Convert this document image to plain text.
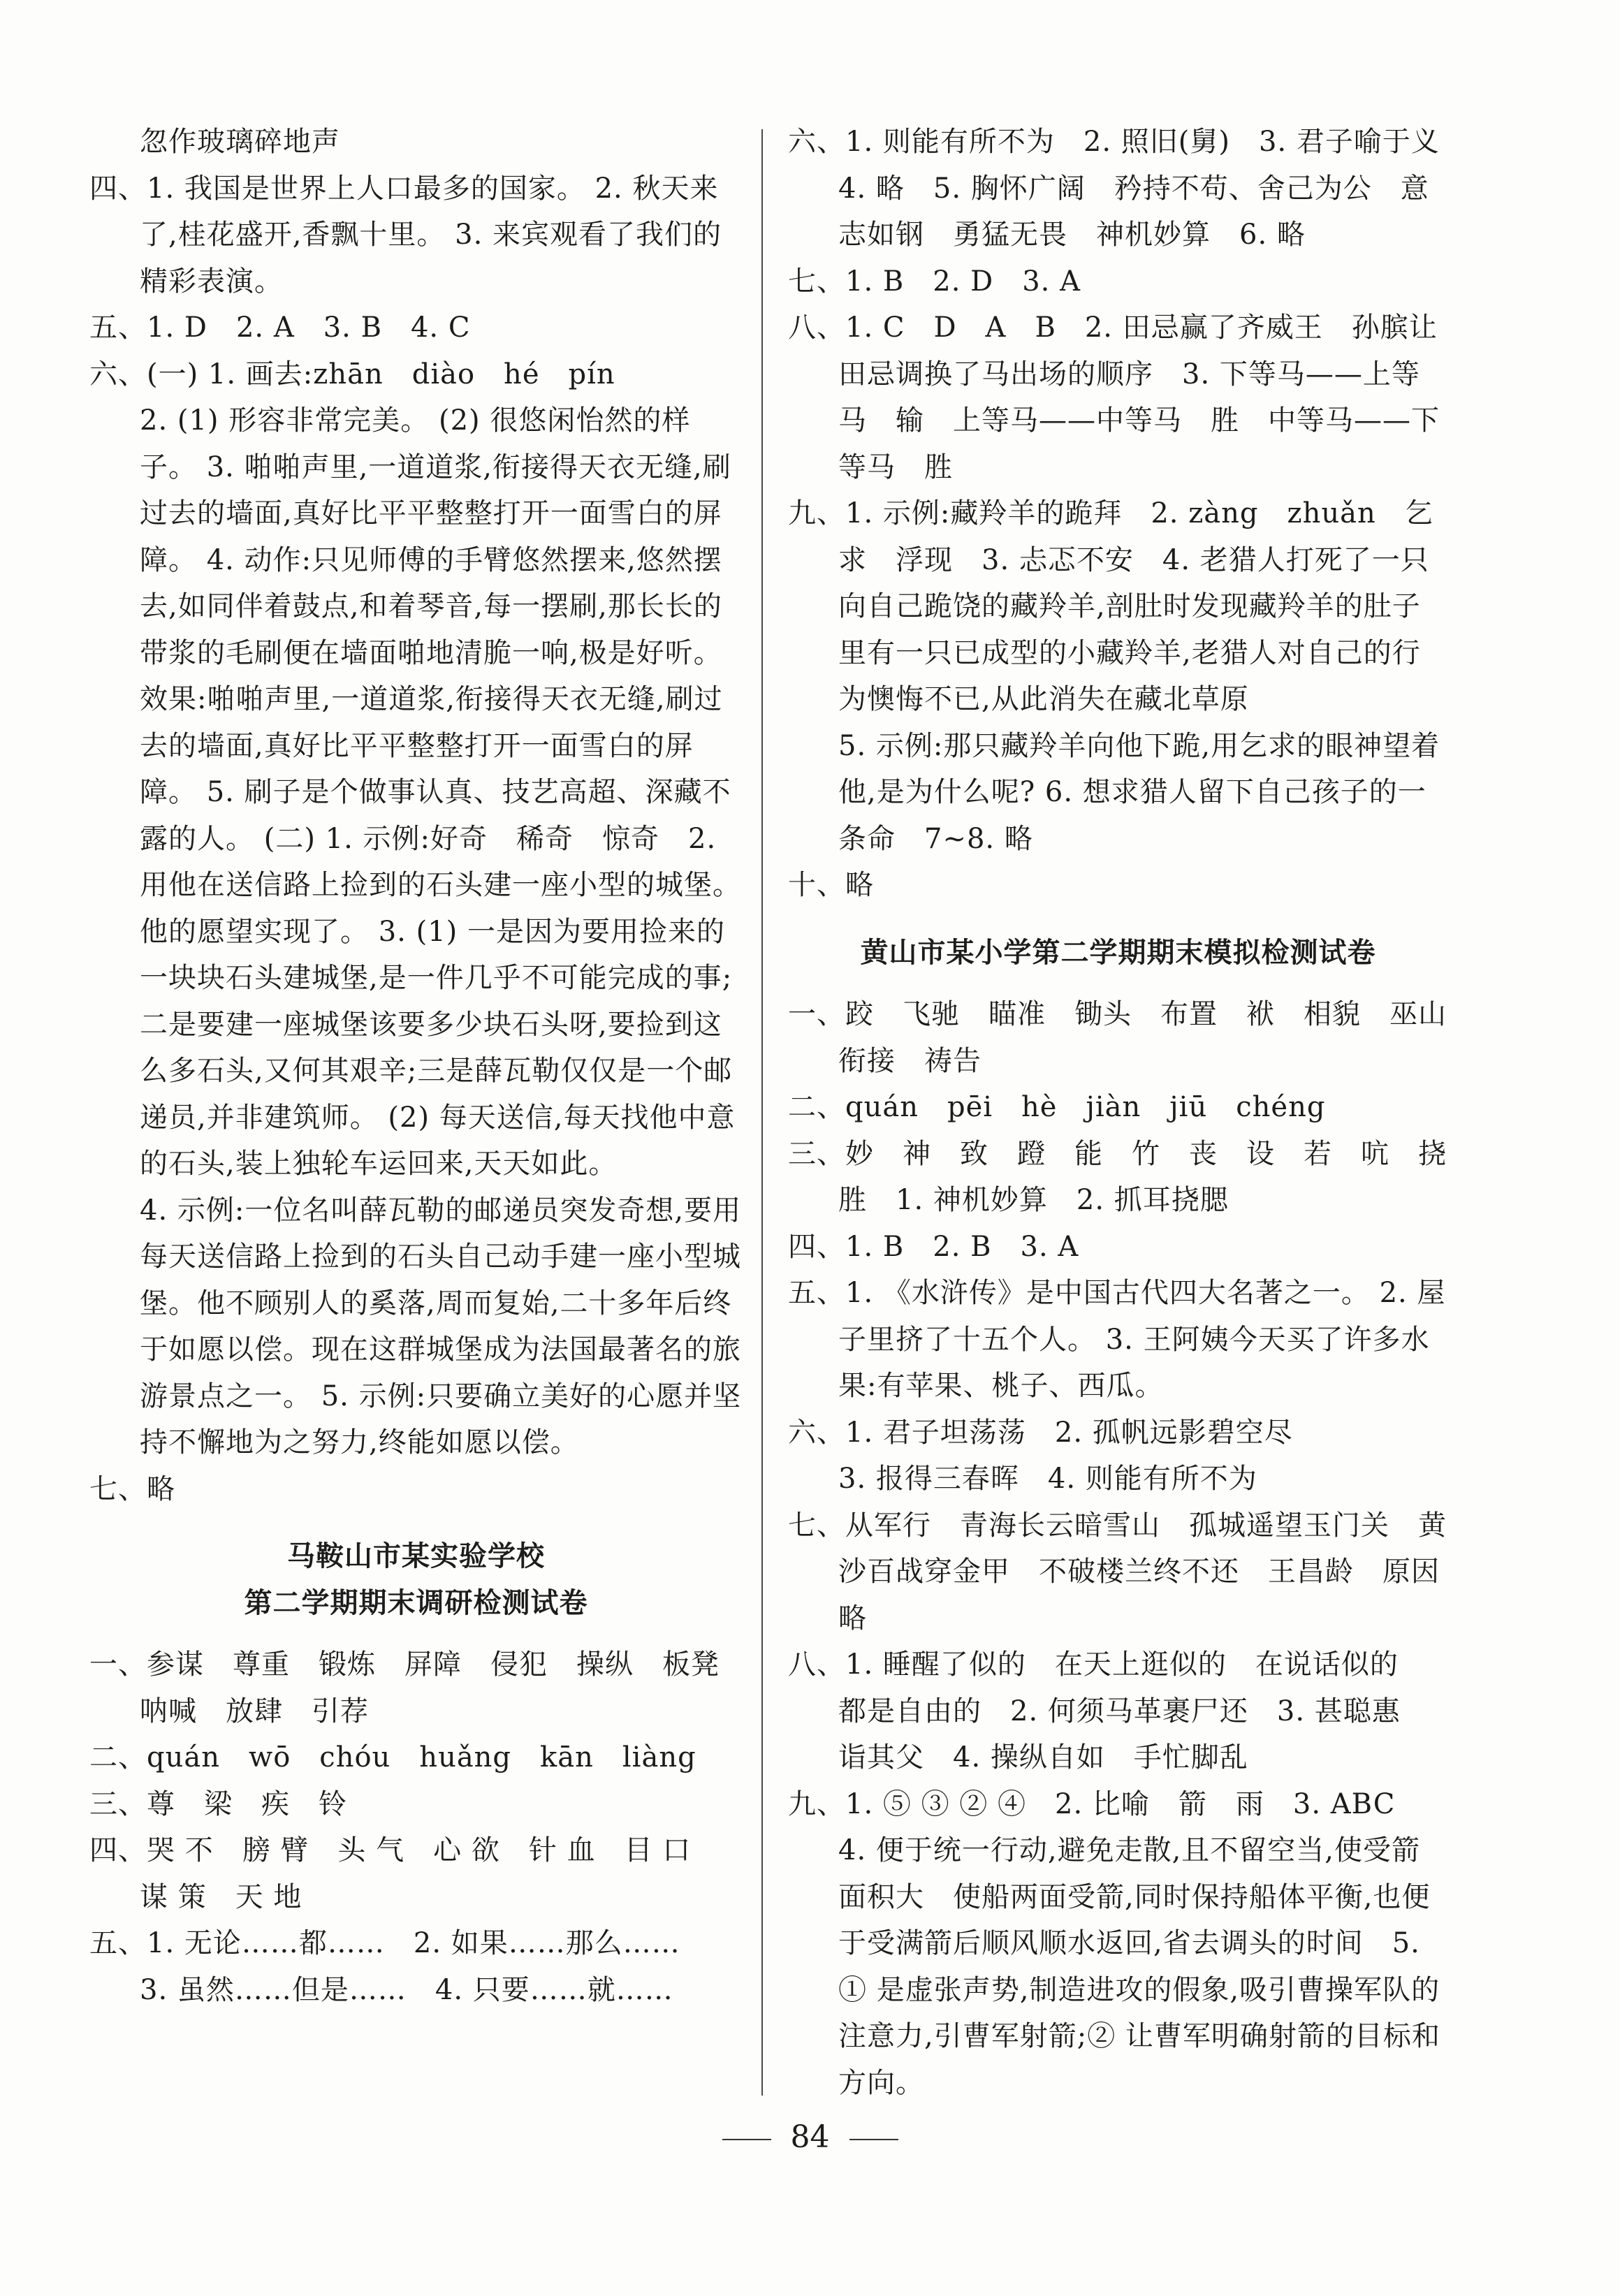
忽作玻璃碎地声

四、1. 我国是世界上人口最多的国家。 2. 秋天来了,桂花盛开,香飘十里。 3. 来宾观看了我们的精彩表演。

五、1. D　2. A　3. B　4. C

六、(一) 1. 画去:zhān　diào　hé　pín

2. (1) 形容非常完美。 (2) 很悠闲怡然的样子。 3. 啪啪声里,一道道浆,衔接得天衣无缝,刷过去的墙面,真好比平平整整打开一面雪白的屏障。 4. 动作:只见师傅的手臂悠然摆来,悠然摆去,如同伴着鼓点,和着琴音,每一摆刷,那长长的带浆的毛刷便在墙面啪地清脆一响,极是好听。 效果:啪啪声里,一道道浆,衔接得天衣无缝,刷过去的墙面,真好比平平整整打开一面雪白的屏障。 5. 刷子是个做事认真、技艺高超、深藏不露的人。 (二) 1. 示例:好奇　稀奇　惊奇　2. 用他在送信路上捡到的石头建一座小型的城堡。 他的愿望实现了。 3. (1) 一是因为要用捡来的一块块石头建城堡,是一件几乎不可能完成的事;二是要建一座城堡该要多少块石头呀,要捡到这么多石头,又何其艰辛;三是薛瓦勒仅仅是一个邮递员,并非建筑师。 (2) 每天送信,每天找他中意的石头,装上独轮车运回来,天天如此。

4. 示例:一位名叫薛瓦勒的邮递员突发奇想,要用每天送信路上捡到的石头自己动手建一座小型城堡。他不顾别人的奚落,周而复始,二十多年后终于如愿以偿。现在这群城堡成为法国最著名的旅游景点之一。 5. 示例:只要确立美好的心愿并坚持不懈地为之努力,终能如愿以偿。

七、略

马鞍山市某实验学校

第二学期期末调研检测试卷

一、参谋　尊重　锻炼　屏障　侵犯　操纵　板凳　呐喊　放肆　引荐

二、quán　wō　chóu　huǎng　kān　liàng

三、尊　梁　疾　铃

四、哭 不　膀 臂　头 气　心 欲　针 血　目 口　谋 策　天 地

五、1. 无论……都……　2. 如果……那么……

3. 虽然……但是……　4. 只要……就……

六、1. 则能有所不为　2. 照旧(舅)　3. 君子喻于义　4. 略　5. 胸怀广阔　矜持不苟、舍己为公　意志如钢　勇猛无畏　神机妙算　6. 略

七、1. B　2. D　3. A

八、1. C　D　A　B　2. 田忌赢了齐威王　孙膑让田忌调换了马出场的顺序　3. 下等马——上等马　输　上等马——中等马　胜　中等马——下等马　胜

九、1. 示例:藏羚羊的跪拜　2. zàng　zhuǎn　乞求　浮现　3. 忐忑不安　4. 老猎人打死了一只向自己跪饶的藏羚羊,剖肚时发现藏羚羊的肚子里有一只已成型的小藏羚羊,老猎人对自己的行为懊悔不已,从此消失在藏北草原

5. 示例:那只藏羚羊向他下跪,用乞求的眼神望着他,是为什么呢? 6. 想求猎人留下自己孩子的一条命　7~8. 略

十、略

黄山市某小学第二学期期末模拟检测试卷

一、跤　飞驰　瞄准　锄头　布置　袱　相貌　巫山　衔接　祷告

二、quán　pēi　hè　jiàn　jiū　chéng

三、妙　神　致　蹬　能　竹　丧　设　若　吭　挠　胜　1. 神机妙算　2. 抓耳挠腮

四、1. B　2. B　3. A

五、1. 《水浒传》是中国古代四大名著之一。 2. 屋子里挤了十五个人。 3. 王阿姨今天买了许多水果:有苹果、桃子、西瓜。

六、1. 君子坦荡荡　2. 孤帆远影碧空尽

3. 报得三春晖　4. 则能有所不为

七、从军行　青海长云暗雪山　孤城遥望玉门关　黄沙百战穿金甲　不破楼兰终不还　王昌龄　原因略

八、1. 睡醒了似的　在天上逛似的　在说话似的　都是自由的　2. 何须马革裹尸还　3. 甚聪惠　诣其父　4. 操纵自如　手忙脚乱

九、1. ⑤ ③ ② ④　2. 比喻　箭　雨　3. ABC

4. 便于统一行动,避免走散,且不留空当,使受箭面积大　使船两面受箭,同时保持船体平衡,也便于受满箭后顺风顺水返回,省去调头的时间　5. ① 是虚张声势,制造进攻的假象,吸引曹操军队的注意力,引曹军射箭;② 让曹军明确射箭的目标和方向。

84
